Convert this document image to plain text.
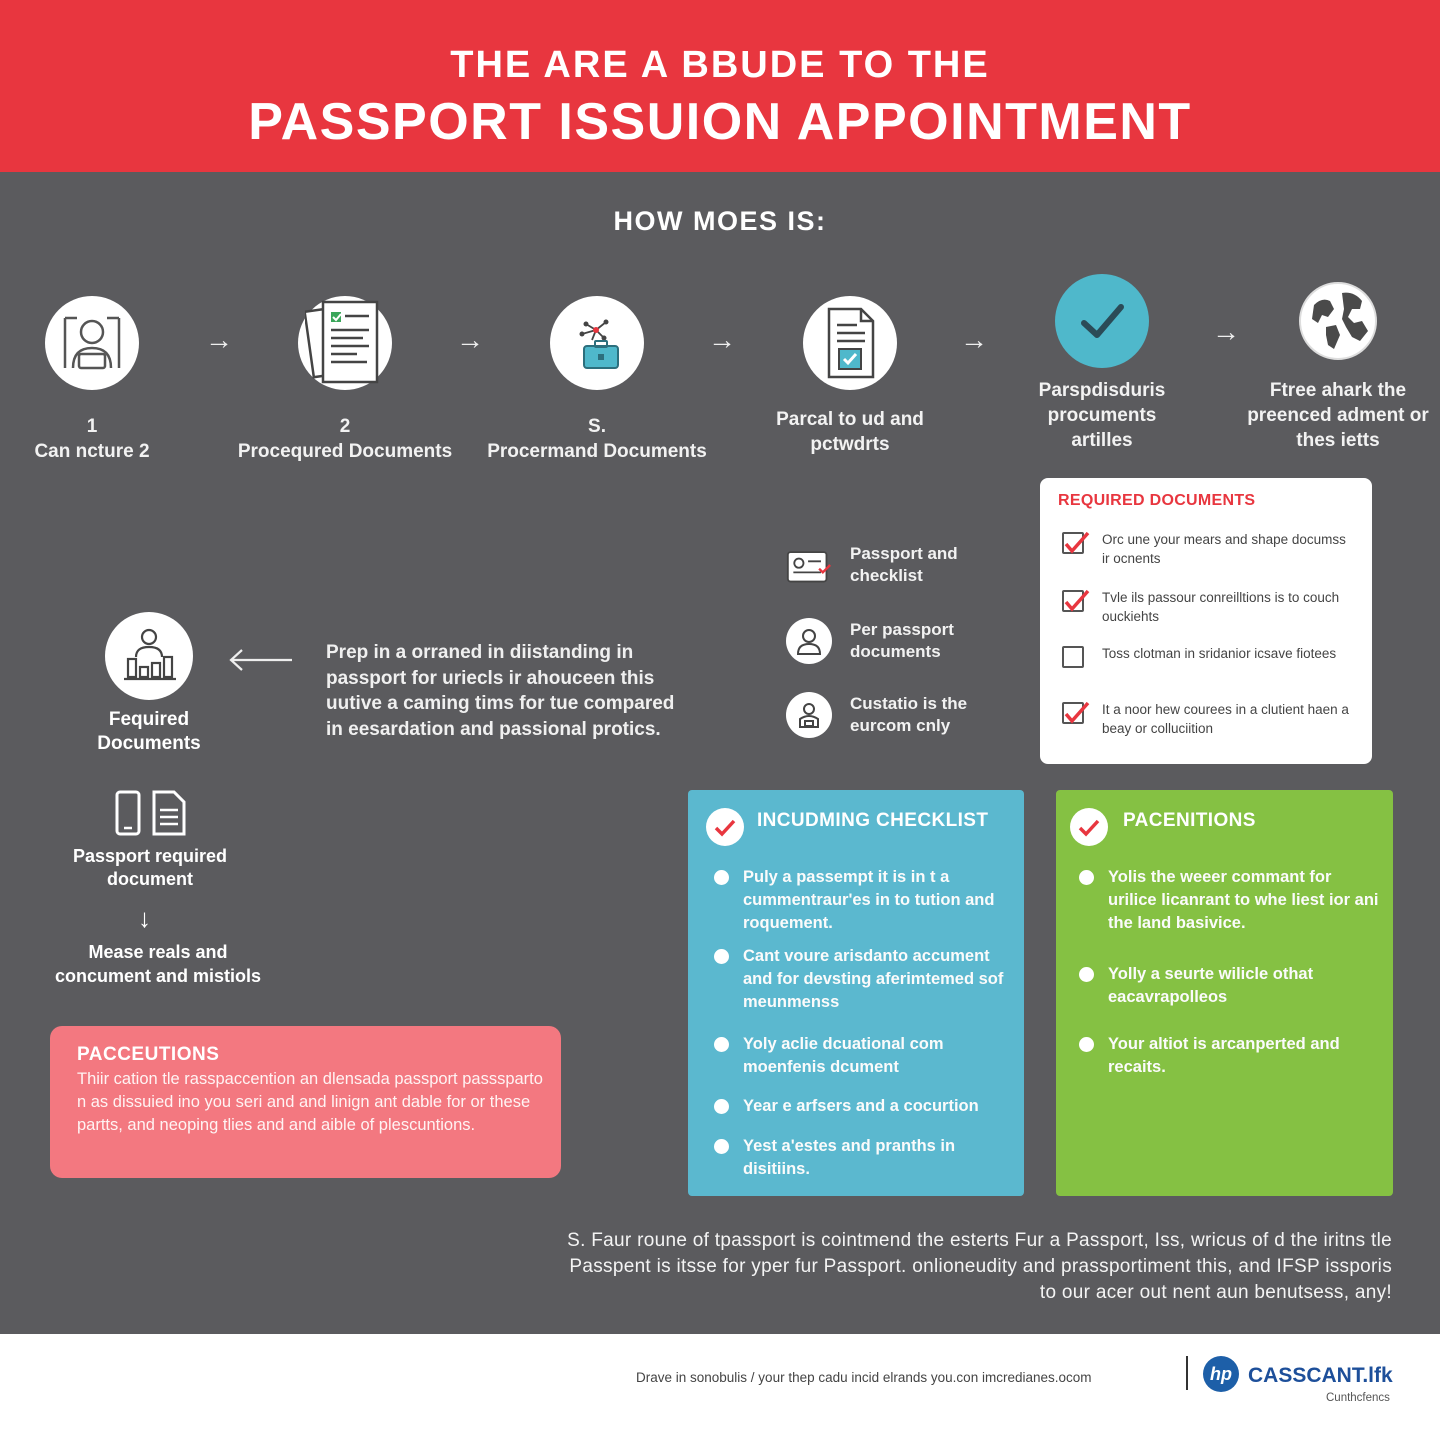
THE ARE A BBUDE TO THE
PASSPORT ISSUION APPOINTMENT
HOW MOES IS:
1
Can ncture 2
→
2
Procequred Documents
→
S.
Procermand Documents
→
Parcal to ud and pctwdrts
→
Parspdisduris procuments artilles
→
Ftree ahark the preenced adment or thes ietts
Fequired Documents
Prep in a orraned in diistanding in passport for uriecls ir ahouceen this uutive a caming tims for tue compared in eesardation and passional protics.
Passport required document
↓
Mease reals and concument and mistiols
Passport and checklist
Per passport documents
Custatio is the eurcom cnly
REQUIRED DOCUMENTS
Orc une your mears and shape documss ir ocnents
Tvle ils passour conreilltions is to couch ouckiehts
Toss clotman in sridanior icsave fiotees
It a noor hew courees in a clutient haen a beay or colluciition
PACCEUTIONS
Thiir cation tle rasspaccention an dlensada passport passsparto n as dissuied ino you seri and and linign ant dable for or these partts, and neoping tlies and and aible of plescuntions.
INCUDMING CHECKLIST
Puly a passempt it is in t a cummentraur'es in to tution and roquement.
Cant voure arisdanto accument and for devsting aferimtemed sof meunmenss
Yoly aclie dcuational com moenfenis dcument
Year e arfsers and a cocurtion
Yest a'estes and pranths in disitiins.
PACENITIONS
Yolis the weeer commant for urilice licanrant to whe liest ior ani the land basivice.
Yolly a seurte wilicle othat eacavrapolleos
Your altiot is arcanperted and recaits.
S. Faur roune of tpassport is cointmend the esterts Fur a Passport, Iss, wricus of d the iritns tle Passpent is itsse for yper fur Passport. onlioneudity and prassportiment this, and IFSP issporis to our acer out nent aun benutsess, any!
Drave in sonobulis / your thep cadu incid elrands you.con imcredianes.ocom	hp CASSCANT.lfk
Cunthcfencs
